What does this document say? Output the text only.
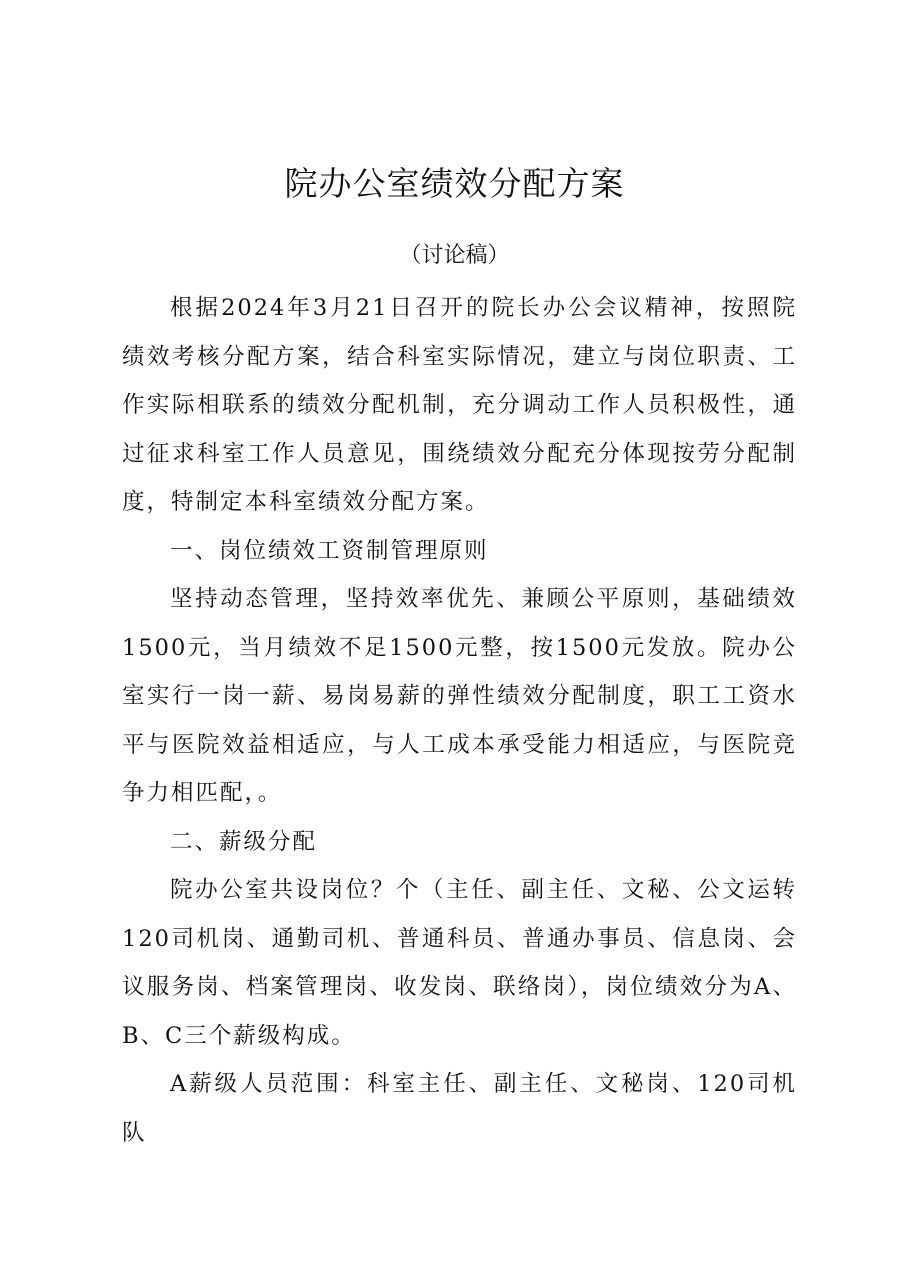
院办公室绩效分配方案
（讨论稿）

根据2024年3月21日召开的院长办公会议精神，按照院绩效考核分配方案，结合科室实际情况，建立与岗位职责、工作实际相联系的绩效分配机制，充分调动工作人员积极性，通过征求科室工作人员意见，围绕绩效分配充分体现按劳分配制度，特制定本科室绩效分配方案。

一、岗位绩效工资制管理原则

坚持动态管理，坚持效率优先、兼顾公平原则，基础绩效1500元，当月绩效不足1500元整，按1500元发放。院办公室实行一岗一薪、易岗易薪的弹性绩效分配制度，职工工资水平与医院效益相适应，与人工成本承受能力相适应，与医院竞争力相匹配，。

二、薪级分配

院办公室共设岗位？个（主任、副主任、文秘、公文运转120司机岗、通勤司机、普通科员、普通办事员、信息岗、会议服务岗、档案管理岗、收发岗、联络岗），岗位绩效分为A、B、C三个薪级构成。

A薪级人员范围：科室主任、副主任、文秘岗、120司机队
